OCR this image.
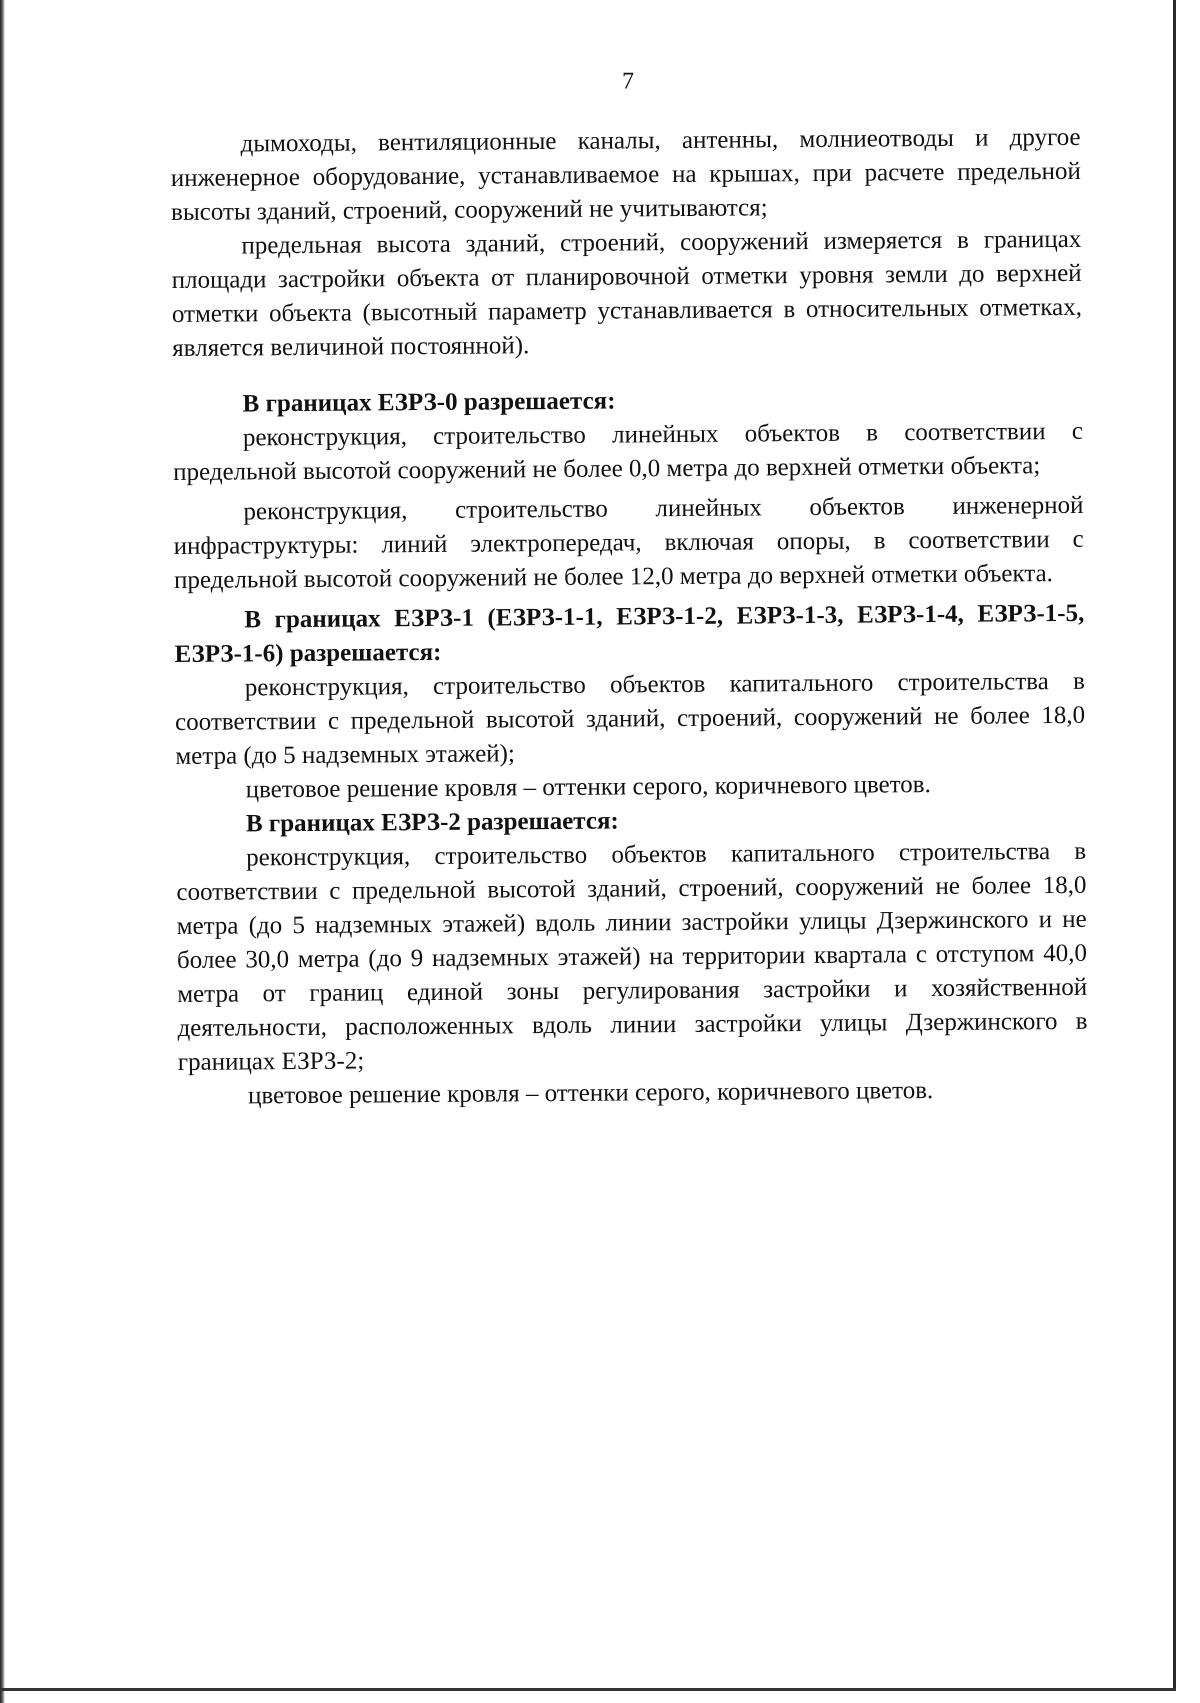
7

дымоходы, вентиляционные каналы, антенны, молниеотводы и другое инженерное оборудование, устанавливаемое на крышах, при расчете предельной высоты зданий, строений, сооружений не учитываются;

предельная высота зданий, строений, сооружений измеряется в границах площади застройки объекта от планировочной отметки уровня земли до верхней отметки объекта (высотный параметр устанавливается в относительных отметках, является величиной постоянной).

В границах ЕЗРЗ-0 разрешается:

реконструкция, строительство линейных объектов в соответствии с предельной высотой сооружений не более 0,0 метра до верхней отметки объекта;

реконструкция, строительство линейных объектов инженерной инфраструктуры: линий электропередач, включая опоры, в соответствии с предельной высотой сооружений не более 12,0 метра до верхней отметки объекта.

В границах ЕЗРЗ-1 (ЕЗРЗ-1-1, ЕЗРЗ-1-2, ЕЗРЗ-1-3, ЕЗРЗ-1-4, ЕЗРЗ-1-5, ЕЗРЗ-1-6) разрешается:

реконструкция, строительство объектов капитального строительства в соответствии с предельной высотой зданий, строений, сооружений не более 18,0 метра (до 5 надземных этажей);

цветовое решение кровля – оттенки серого, коричневого цветов.

В границах ЕЗРЗ-2 разрешается:

реконструкция, строительство объектов капитального строительства в соответствии с предельной высотой зданий, строений, сооружений не более 18,0 метра (до 5 надземных этажей) вдоль линии застройки улицы Дзержинского и не более 30,0 метра (до 9 надземных этажей) на территории квартала с отступом 40,0 метра от границ единой зоны регулирования застройки и хозяйственной деятельности, расположенных вдоль линии застройки улицы Дзержинского в границах ЕЗРЗ-2;

цветовое решение кровля – оттенки серого, коричневого цветов.
